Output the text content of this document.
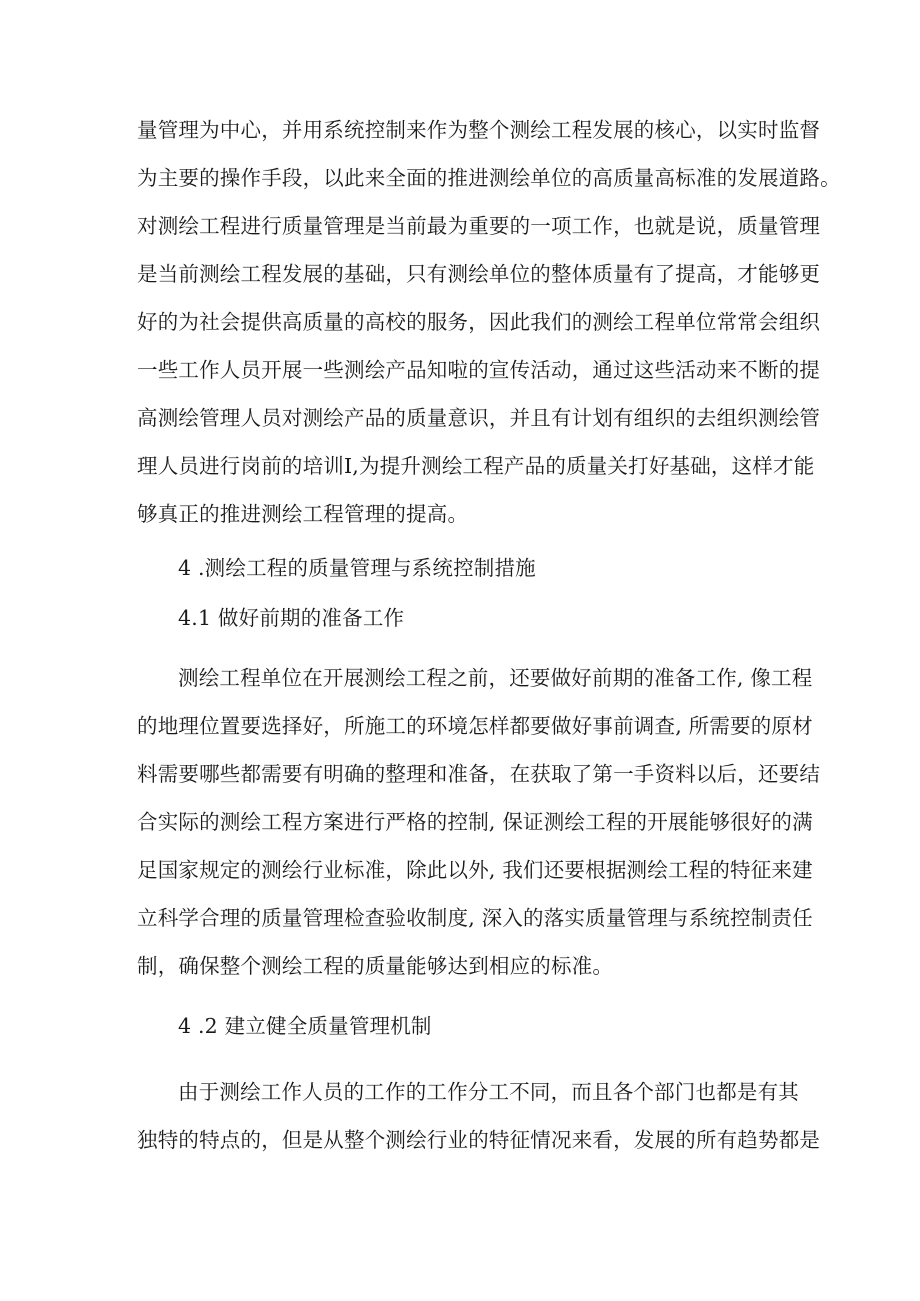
量管理为中心，并用系统控制来作为整个测绘工程发展的核心，以实时监督
为主要的操作手段，以此来全面的推进测绘单位的高质量高标准的发展道路。
对测绘工程进行质量管理是当前最为重要的一项工作，也就是说，质量管理
是当前测绘工程发展的基础，只有测绘单位的整体质量有了提高，才能够更
好的为社会提供高质量的高校的服务，因此我们的测绘工程单位常常会组织
一些工作人员开展一些测绘产品知啦的宣传活动，通过这些活动来不断的提
高测绘管理人员对测绘产品的质量意识，并且有计划有组织的去组织测绘管
理人员进行岗前的培训I,为提升测绘工程产品的质量关打好基础，这样才能
够真正的推进测绘工程管理的提高。
4 .测绘工程的质量管理与系统控制措施
4.1 做好前期的准备工作
测绘工程单位在开展测绘工程之前，还要做好前期的准备工作, 像工程
的地理位置要选择好，所施工的环境怎样都要做好事前调查, 所需要的原材
料需要哪些都需要有明确的整理和准备，在获取了第一手资料以后，还要结
合实际的测绘工程方案进行严格的控制, 保证测绘工程的开展能够很好的满
足国家规定的测绘行业标准，除此以外, 我们还要根据测绘工程的特征来建
立科学合理的质量管理检查验收制度, 深入的落实质量管理与系统控制责任
制，确保整个测绘工程的质量能够达到相应的标准。
4 .2 建立健全质量管理机制
由于测绘工作人员的工作的工作分工不同，而且各个部门也都是有其
独特的特点的，但是从整个测绘行业的特征情况来看，发展的所有趋势都是
